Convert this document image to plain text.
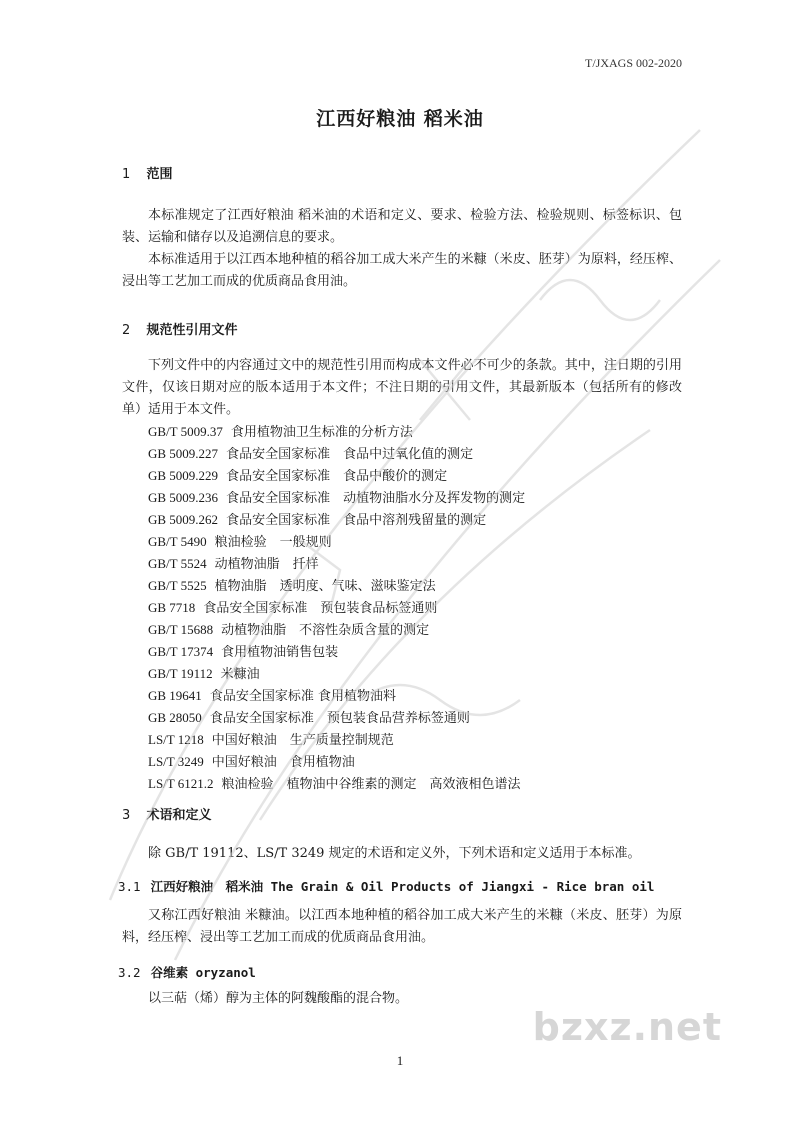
T/JXAGS 002-2020
江西好粮油 稻米油
1 范围

本标准规定了江西好粮油 稻米油的术语和定义、要求、检验方法、检验规则、标签标识、包装、运输和储存以及追溯信息的要求。

本标准适用于以江西本地种植的稻谷加工成大米产生的米糠（米皮、胚芽）为原料，经压榨、浸出等工艺加工而成的优质商品食用油。

2 规范性引用文件

下列文件中的内容通过文中的规范性引用而构成本文件必不可少的条款。其中，注日期的引用文件，仅该日期对应的版本适用于本文件；不注日期的引用文件，其最新版本（包括所有的修改单）适用于本文件。

GB/T 5009.37 食用植物油卫生标准的分析方法
GB 5009.227 食品安全国家标准　食品中过氧化值的测定
GB 5009.229 食品安全国家标准　食品中酸价的测定
GB 5009.236 食品安全国家标准　动植物油脂水分及挥发物的测定
GB 5009.262 食品安全国家标准　食品中溶剂残留量的测定
GB/T 5490 粮油检验　一般规则
GB/T 5524 动植物油脂　扦样
GB/T 5525 植物油脂　透明度、气味、滋味鉴定法
GB 7718 食品安全国家标准　预包装食品标签通则
GB/T 15688 动植物油脂　不溶性杂质含量的测定
GB/T 17374 食用植物油销售包装
GB/T 19112 米糠油
GB 19641 食品安全国家标准 食用植物油料
GB 28050 食品安全国家标准　预包装食品营养标签通则
LS/T 1218 中国好粮油　生产质量控制规范
LS/T 3249 中国好粮油　食用植物油
LS/T 6121.2 粮油检验　植物油中谷维素的测定　高效液相色谱法
3 术语和定义

除 GB/T 19112、LS/T 3249 规定的术语和定义外，下列术语和定义适用于本标准。

3.1 江西好粮油　稻米油 The Grain & Oil Products of Jiangxi - Rice bran oil

又称江西好粮油 米糠油。以江西本地种植的稻谷加工成大米产生的米糠（米皮、胚芽）为原料，经压榨、浸出等工艺加工而成的优质商品食用油。

3.2 谷维素 oryzanol

以三萜（烯）醇为主体的阿魏酸酯的混合物。

1
bzxz.net
